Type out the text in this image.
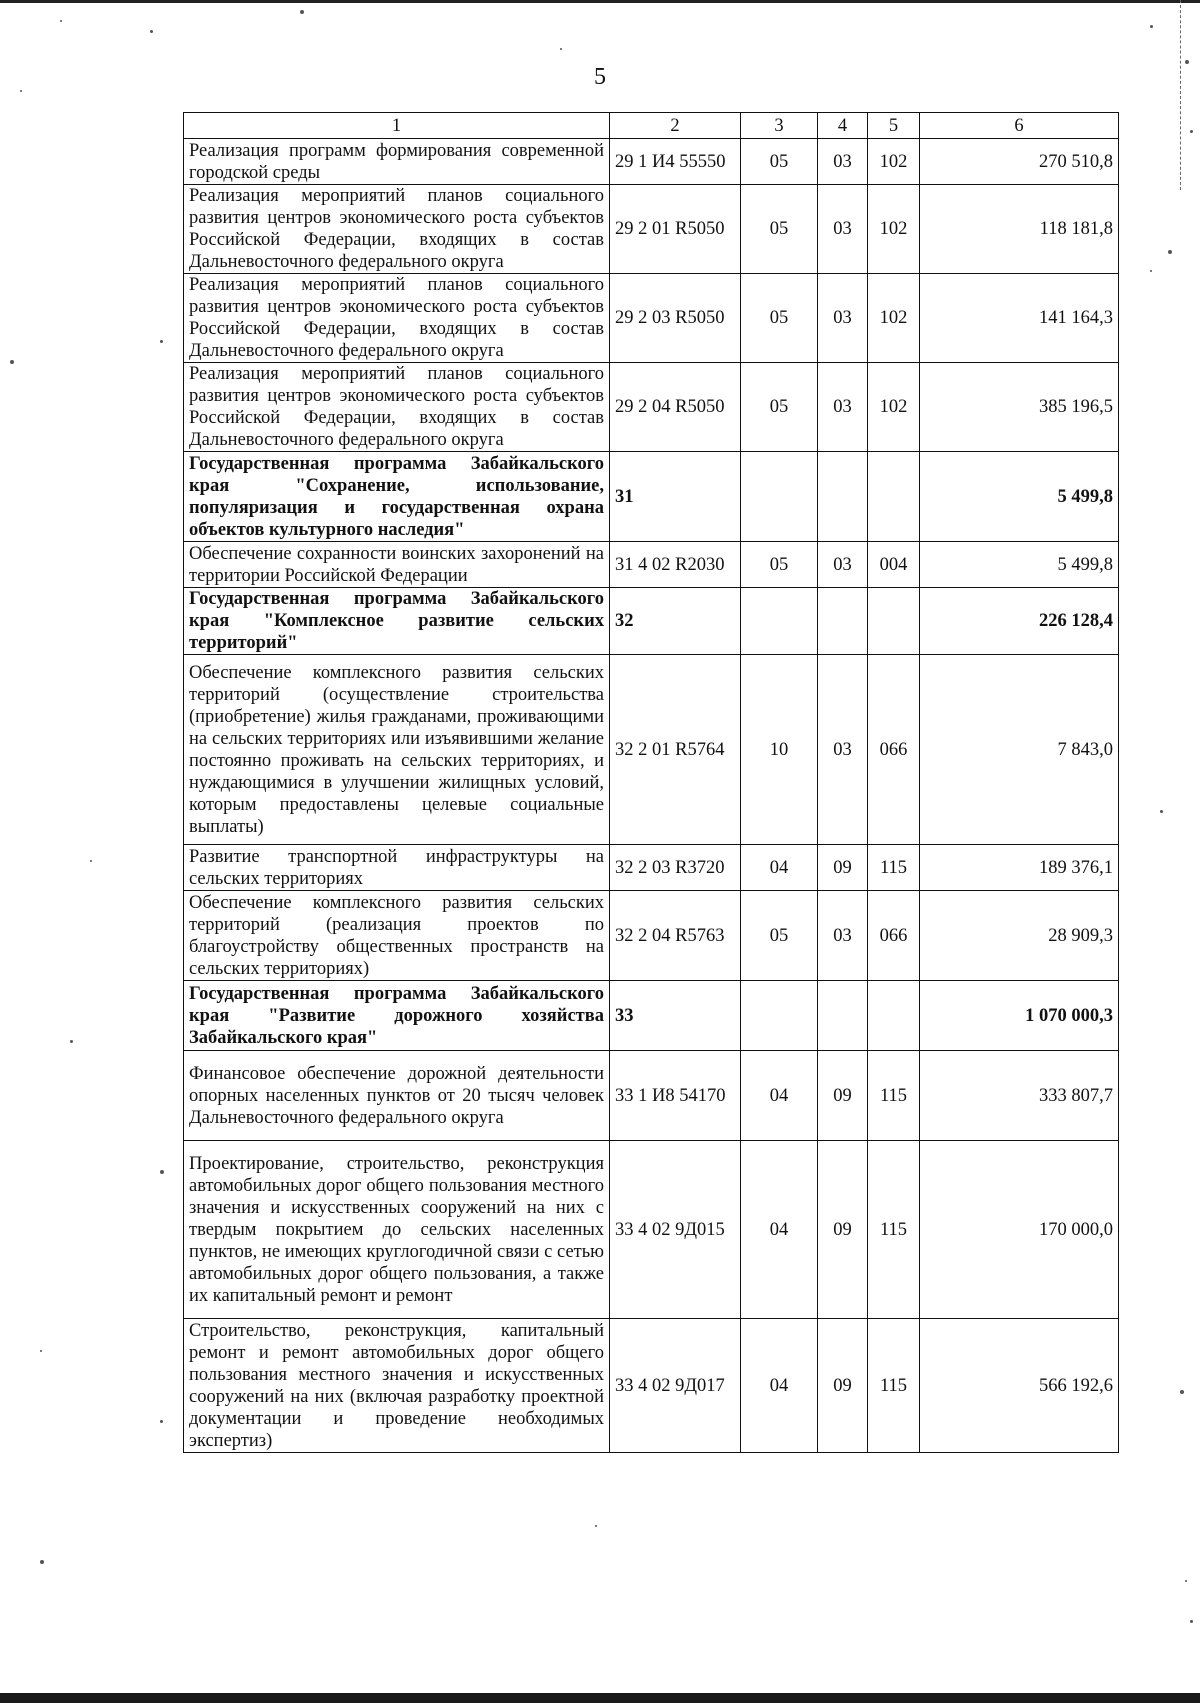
5
1	2	3	4	5	6
Реализация программ формирования современной городской среды	29 1 И4 55550	05	03	102	270 510,8
Реализация мероприятий планов социального развития центров экономического роста субъектов Российской Федерации, входящих в состав Дальневосточного федерального округа	29 2 01 R5050	05	03	102	118 181,8
Реализация мероприятий планов социального развития центров экономического роста субъектов Российской Федерации, входящих в состав Дальневосточного федерального округа	29 2 03 R5050	05	03	102	141 164,3
Реализация мероприятий планов социального развития центров экономического роста субъектов Российской Федерации, входящих в состав Дальневосточного федерального округа	29 2 04 R5050	05	03	102	385 196,5
Государственная программа Забайкальского края "Сохранение, использование, популяризация и государственная охрана объектов культурного наследия"	31				5 499,8
Обеспечение сохранности воинских захоронений на территории Российской Федерации	31 4 02 R2030	05	03	004	5 499,8
Государственная программа Забайкальского края "Комплексное развитие сельских территорий"	32				226 128,4
Обеспечение комплексного развития сельских территорий (осуществление строительства (приобретение) жилья гражданами, проживающими на сельских территориях или изъявившими желание постоянно проживать на сельских территориях, и нуждающимися в улучшении жилищных условий, которым предоставлены целевые социальные выплаты)	32 2 01 R5764	10	03	066	7 843,0
Развитие транспортной инфраструктуры на сельских территориях	32 2 03 R3720	04	09	115	189 376,1
Обеспечение комплексного развития сельских территорий (реализация проектов по благоустройству общественных пространств на сельских территориях)	32 2 04 R5763	05	03	066	28 909,3
Государственная программа Забайкальского края "Развитие дорожного хозяйства Забайкальского края"	33				1 070 000,3
Финансовое обеспечение дорожной деятельности опорных населенных пунктов от 20 тысяч человек Дальневосточного федерального округа	33 1 И8 54170	04	09	115	333 807,7
Проектирование, строительство, реконструкция автомобильных дорог общего пользования местного значения и искусственных сооружений на них с твердым покрытием до сельских населенных пунктов, не имеющих круглогодичной связи с сетью автомобильных дорог общего пользования, а также их капитальный ремонт и ремонт	33 4 02 9Д015	04	09	115	170 000,0
Строительство, реконструкция, капитальный ремонт и ремонт автомобильных дорог общего пользования местного значения и искусственных сооружений на них (включая разработку проектной документации и проведение необходимых экспертиз)	33 4 02 9Д017	04	09	115	566 192,6
